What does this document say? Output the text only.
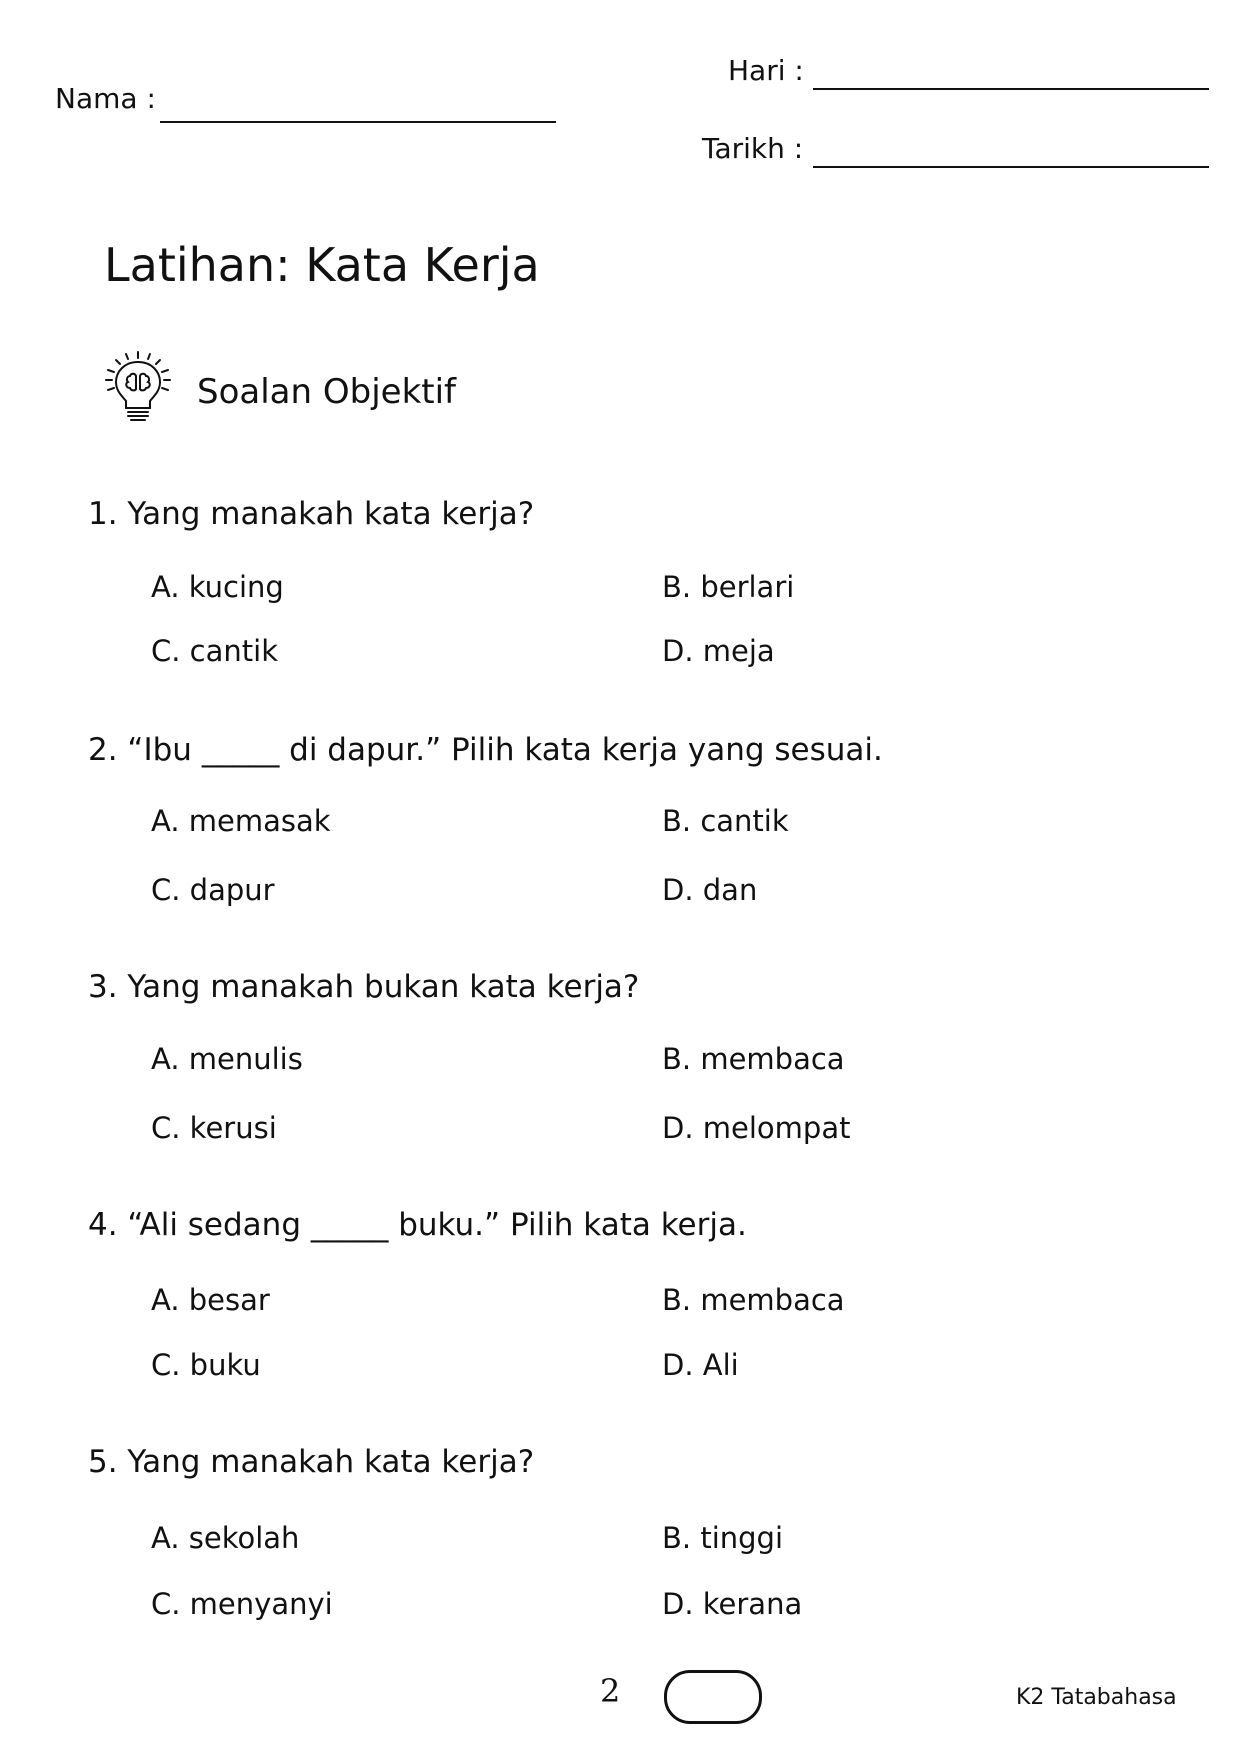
Nama :
Hari :
Tarikh :
Latihan: Kata Kerja
Soalan Objektif
1. Yang manakah kata kerja?
A. kucing	B. berlari
C. cantik	D. meja
2. “Ibu _____ di dapur.” Pilih kata kerja yang sesuai.
A. memasak	B. cantik
C. dapur	D. dan
3. Yang manakah bukan kata kerja?
A. menulis	B. membaca
C. kerusi	D. melompat
4. “Ali sedang _____ buku.” Pilih kata kerja.
A. besar	B. membaca
C. buku	D. Ali
5. Yang manakah kata kerja?
A. sekolah	B. tinggi
C. menyanyi	D. kerana
2	K2 Tatabahasa
